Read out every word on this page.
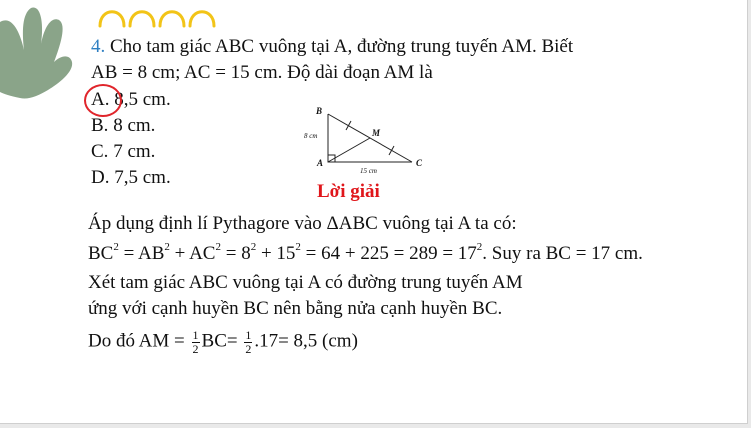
4. Cho tam giác ABC vuông tại A, đường trung tuyến AM. Biết
AB = 8 cm; AC = 15 cm. Độ dài đoạn AM là
A. 8,5 cm.
B. 8 cm.
C. 7 cm.
D. 7,5 cm.
B
A	C
M
8 cm
15 cm
Lời giải
Áp dụng định lí Pythagore vào ΔABC vuông tại A ta có:
$BC^2 = AB^2 + AC^2 = 8^2 + 15^2 = 64 + 225 = 289 = 17^2$. Suy ra BC = 17 cm.
Xét tam giác ABC vuông tại A có đường trung tuyến AM
ứng với cạnh huyền BC nên bằng nửa cạnh huyền BC.
Do đó AM = $\frac{1}{2} BC= \frac{1}{2} .17= 8,5$ (cm)
